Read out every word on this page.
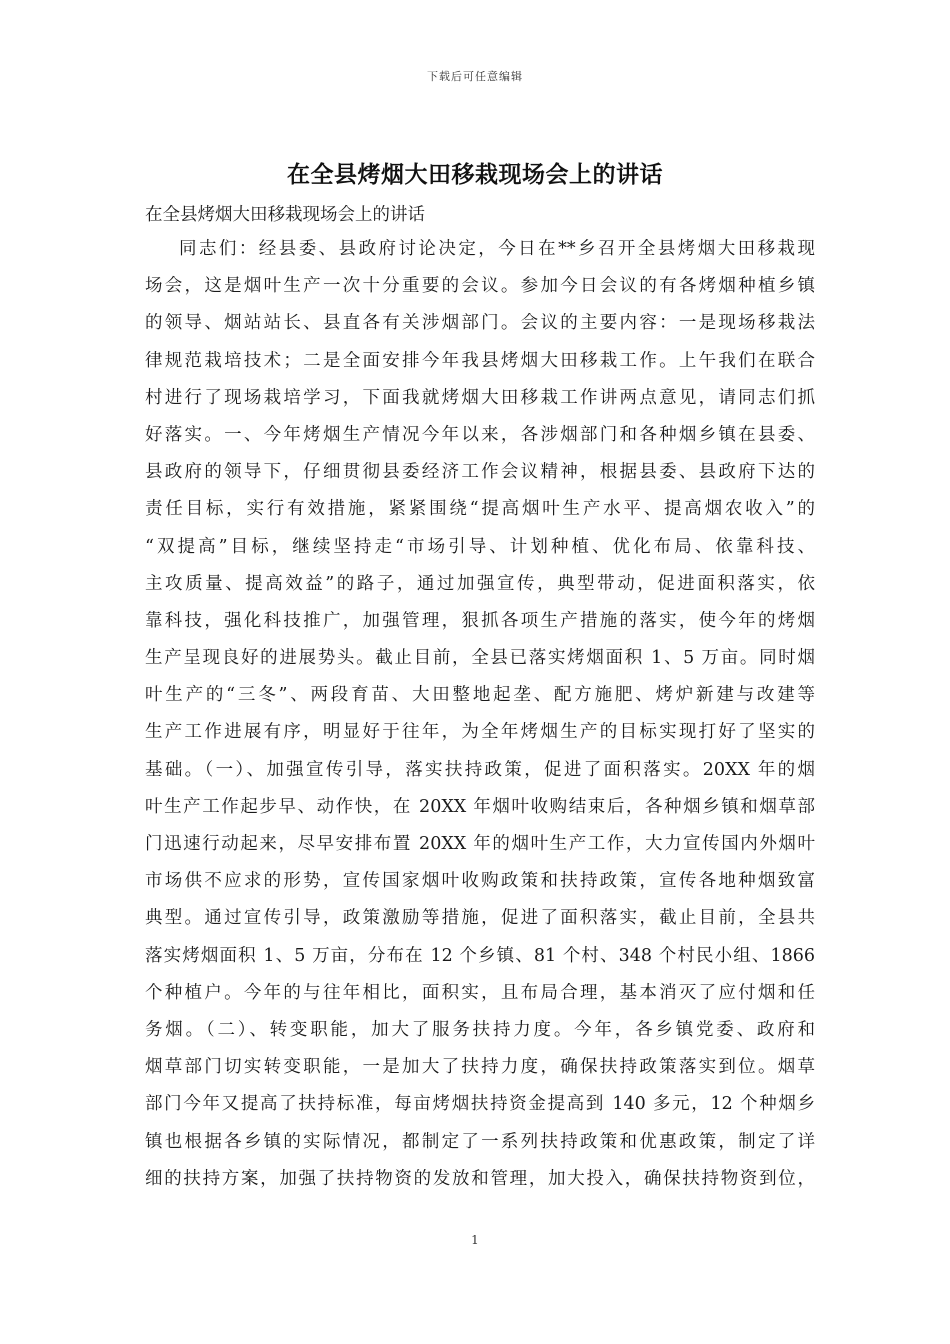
下载后可任意编辑
在全县烤烟大田移栽现场会上的讲话
在全县烤烟大田移栽现场会上的讲话
同志们：经县委、县政府讨论决定，今日在**乡召开全县烤烟大田移栽现
场会，这是烟叶生产一次十分重要的会议。参加今日会议的有各烤烟种植乡镇
的领导、烟站站长、县直各有关涉烟部门。会议的主要内容：一是现场移栽法
律规范栽培技术；二是全面安排今年我县烤烟大田移栽工作。上午我们在联合
村进行了现场栽培学习，下面我就烤烟大田移栽工作讲两点意见，请同志们抓
好落实。一、今年烤烟生产情况今年以来，各涉烟部门和各种烟乡镇在县委、
县政府的领导下，仔细贯彻县委经济工作会议精神，根据县委、县政府下达的
责任目标，实行有效措施，紧紧围绕“提高烟叶生产水平、提高烟农收入”的
“双提高”目标，继续坚持走“市场引导、计划种植、优化布局、依靠科技、
主攻质量、提高效益”的路子，通过加强宣传，典型带动，促进面积落实，依
靠科技，强化科技推广，加强管理，狠抓各项生产措施的落实，使今年的烤烟
生产呈现良好的进展势头。截止目前，全县已落实烤烟面积 1、5 万亩。同时烟
叶生产的“三冬”、两段育苗、大田整地起垄、配方施肥、烤炉新建与改建等
生产工作进展有序，明显好于往年，为全年烤烟生产的目标实现打好了坚实的
基础。（一）、加强宣传引导，落实扶持政策，促进了面积落实。20XX 年的烟
叶生产工作起步早、动作快，在 20XX 年烟叶收购结束后，各种烟乡镇和烟草部
门迅速行动起来，尽早安排布置 20XX 年的烟叶生产工作，大力宣传国内外烟叶
市场供不应求的形势，宣传国家烟叶收购政策和扶持政策，宣传各地种烟致富
典型。通过宣传引导，政策激励等措施，促进了面积落实，截止目前，全县共
落实烤烟面积 1、5 万亩，分布在 12 个乡镇、81 个村、348 个村民小组、1866
个种植户。今年的与往年相比，面积实，且布局合理，基本消灭了应付烟和任
务烟。（二）、转变职能，加大了服务扶持力度。今年，各乡镇党委、政府和
烟草部门切实转变职能，一是加大了扶持力度，确保扶持政策落实到位。烟草
部门今年又提高了扶持标准，每亩烤烟扶持资金提高到 140 多元，12 个种烟乡
镇也根据各乡镇的实际情况，都制定了一系列扶持政策和优惠政策，制定了详
细的扶持方案，加强了扶持物资的发放和管理，加大投入，确保扶持物资到位，
1
